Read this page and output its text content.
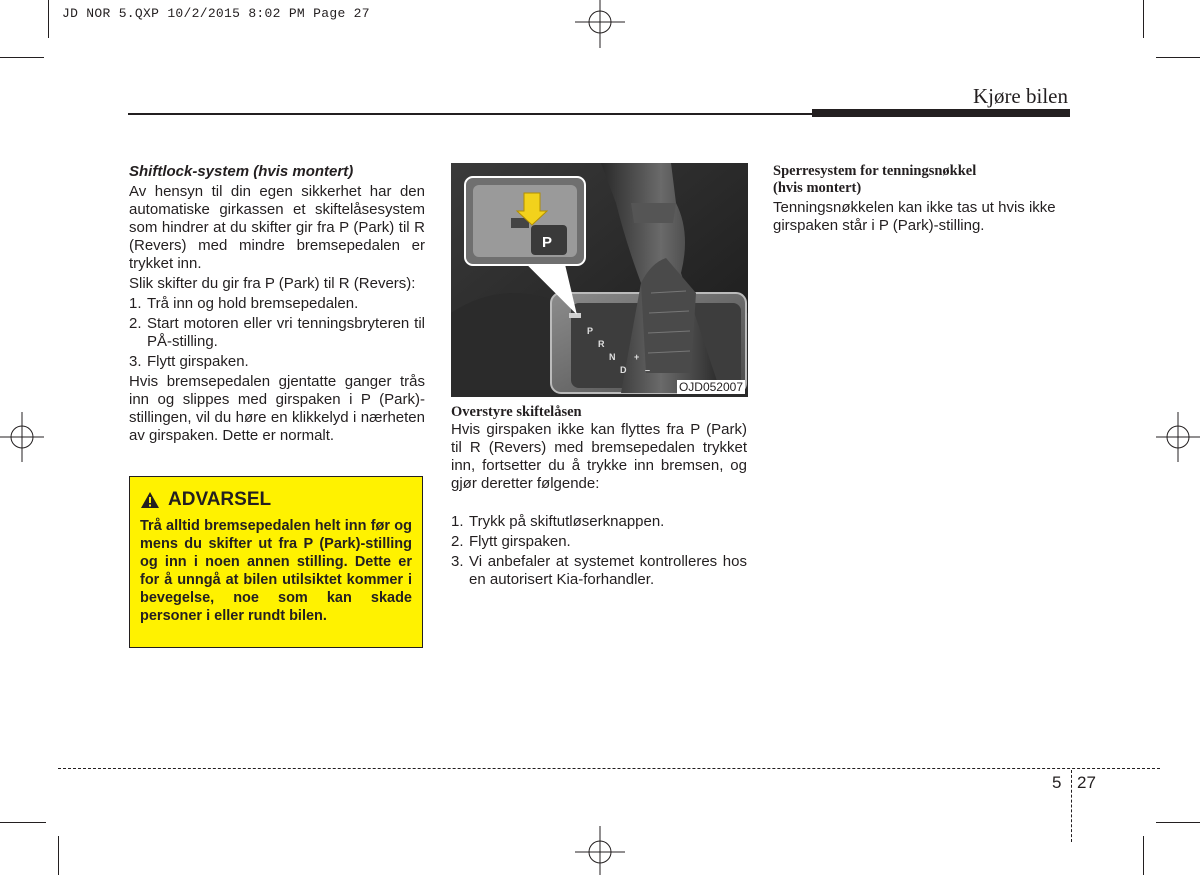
JD NOR 5.QXP 10/2/2015 8:02 PM Page 27
Kjøre bilen
Shiftlock-system (hvis montert)
Av hensyn til din egen sikkerhet har den automatiske girkassen et skiftelåsesystem som hindrer at du skifter gir fra P (Park) til R (Revers) med mindre bremsepedalen er trykket inn.
Slik skifter du gir fra P (Park) til R (Revers):
1. Trå inn og hold bremsepedalen.
2. Start motoren eller vri tenningsbryteren til PÅ-stilling.
3. Flytt girspaken.
Hvis bremsepedalen gjentatte ganger trås inn og slippes med girspaken i P (Park)-stillingen, vil du høre en klikkelyd i nærheten av girspaken. Dette er normalt.
ADVARSEL
Trå alltid bremsepedalen helt inn før og mens du skifter ut fra P (Park)-stilling og inn i noen annen stilling. Dette er for å unngå at bilen utilsiktet kommer i bevegelse, noe som kan skade personer i eller rundt bilen.
P
R
N
D
+
–
P
OJD052007
Overstyre skiftelåsen
Hvis girspaken ikke kan flyttes fra P (Park) til R (Revers) med bremsepedalen trykket inn, fortsetter du å trykke inn bremsen, og gjør deretter følgende:
1. Trykk på skiftutløserknappen.
2. Flytt girspaken.
3. Vi anbefaler at systemet kontrolleres hos en autorisert Kia-forhandler.
Sperresystem for tenningsnøkkel
(hvis montert)
Tenningsnøkkelen kan ikke tas ut hvis ikke girspaken står i P (Park)-stilling.
5 27
